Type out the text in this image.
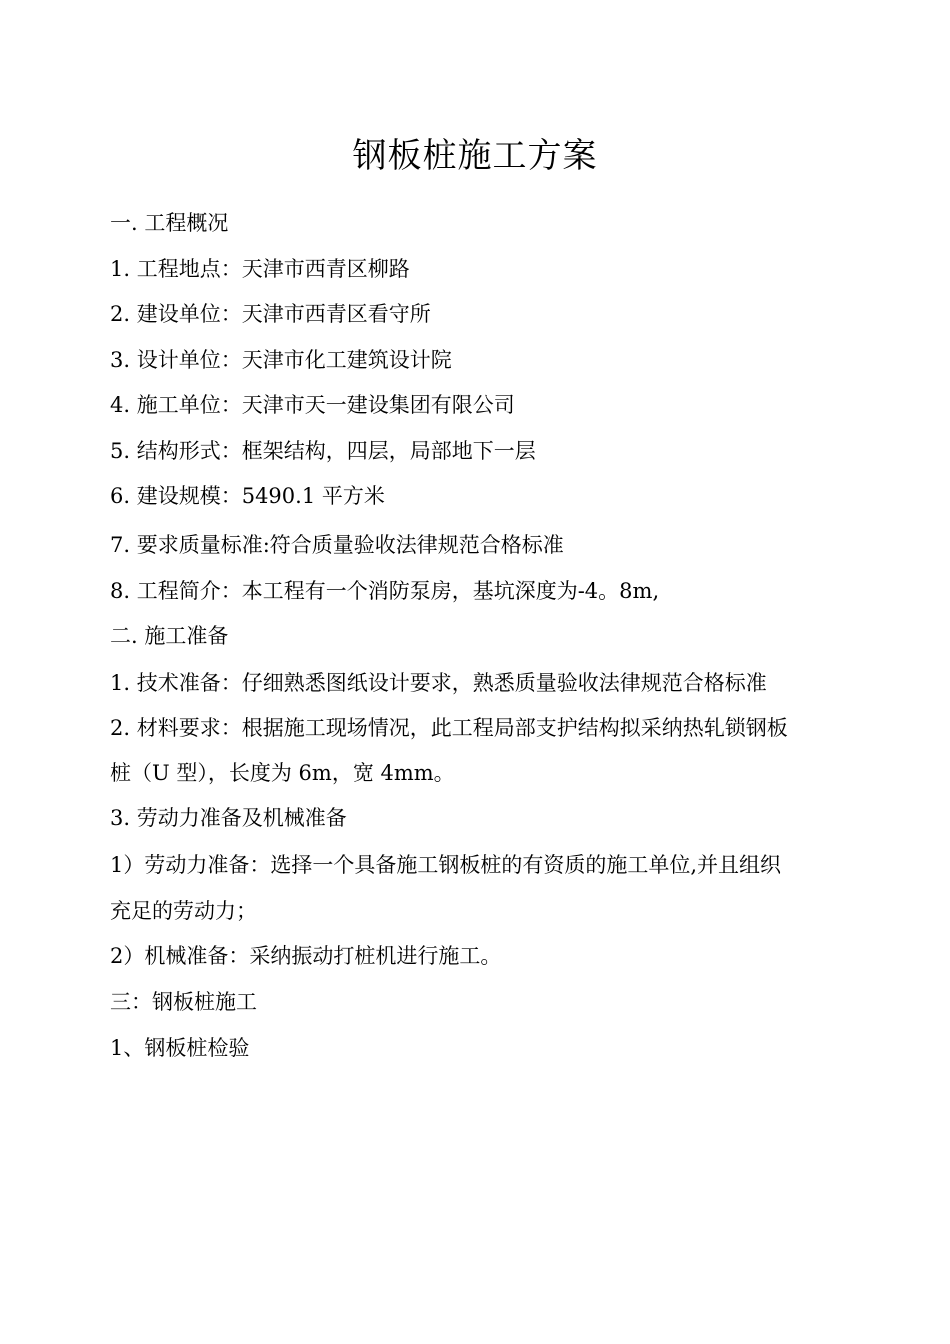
钢板桩施工方案
一. 工程概况
1. 工程地点：天津市西青区柳路
2. 建设单位：天津市西青区看守所
3. 设计单位：天津市化工建筑设计院
4. 施工单位：天津市天一建设集团有限公司
5. 结构形式：框架结构，四层，局部地下一层
6. 建设规模：5490.1 平方米
7. 要求质量标准:符合质量验收法律规范合格标准
8. 工程简介：本工程有一个消防泵房，基坑深度为-4。8m,
二. 施工准备
1. 技术准备：仔细熟悉图纸设计要求，熟悉质量验收法律规范合格标准
2. 材料要求：根据施工现场情况，此工程局部支护结构拟采纳热轧锁钢板
桩（U 型），长度为 6m，宽 4mm。
3. 劳动力准备及机械准备
1）劳动力准备：选择一个具备施工钢板桩的有资质的施工单位,并且组织
充足的劳动力；
2）机械准备：采纳振动打桩机进行施工。
三：钢板桩施工
1、钢板桩检验
